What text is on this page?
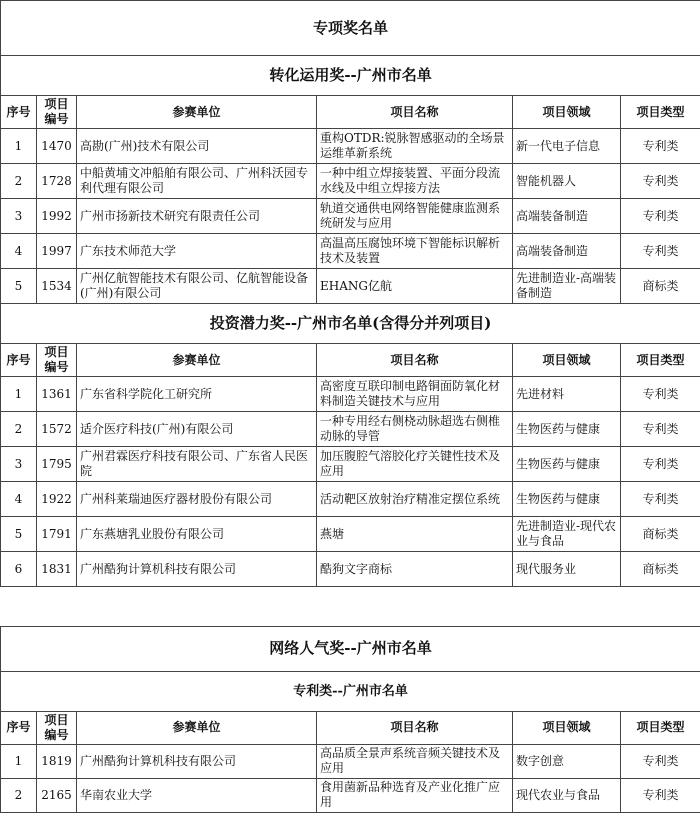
专项奖名单					
转化运用奖--广州市名单					
序号	项目编号	参赛单位	项目名称	项目领域	项目类型
1	1470	高勘(广州)技术有限公司	重构OTDR:锐脉智感驱动的全场景运维革新系统	新一代电子信息	专利类
2	1728	中船黄埔文冲船舶有限公司、广州科沃园专利代理有限公司	一种中组立焊接装置、平面分段流水线及中组立焊接方法	智能机器人	专利类
3	1992	广州市扬新技术研究有限责任公司	轨道交通供电网络智能健康监测系统研发与应用	高端装备制造	专利类
4	1997	广东技术师范大学	高温高压腐蚀环境下智能标识解析技术及装置	高端装备制造	专利类
5	1534	广州亿航智能技术有限公司、亿航智能设备(广州)有限公司	EHANG亿航	先进制造业-高端装备制造	商标类
投资潜力奖--广州市名单(含得分并列项目)					
序号	项目编号	参赛单位	项目名称	项目领域	项目类型
1	1361	广东省科学院化工研究所	高密度互联印制电路铜面防氧化材料制造关键技术与应用	先进材料	专利类
2	1572	适介医疗科技(广州)有限公司	一种专用经右侧桡动脉超选右侧椎动脉的导管	生物医药与健康	专利类
3	1795	广州君霖医疗科技有限公司、广东省人民医院	加压腹腔气溶胶化疗关键性技术及应用	生物医药与健康	专利类
4	1922	广州科莱瑞迪医疗器材股份有限公司	活动靶区放射治疗精准定摆位系统	生物医药与健康	专利类
5	1791	广东燕塘乳业股份有限公司	燕塘	先进制造业-现代农业与食品	商标类
6	1831	广州酷狗计算机科技有限公司	酷狗文字商标	现代服务业	商标类
网络人气奖--广州市名单					
专利类--广州市名单					
序号	项目编号	参赛单位	项目名称	项目领域	项目类型
1	1819	广州酷狗计算机科技有限公司	高品质全景声系统音频关键技术及应用	数字创意	专利类
2	2165	华南农业大学	食用菌新品种选育及产业化推广应用	现代农业与食品	专利类
